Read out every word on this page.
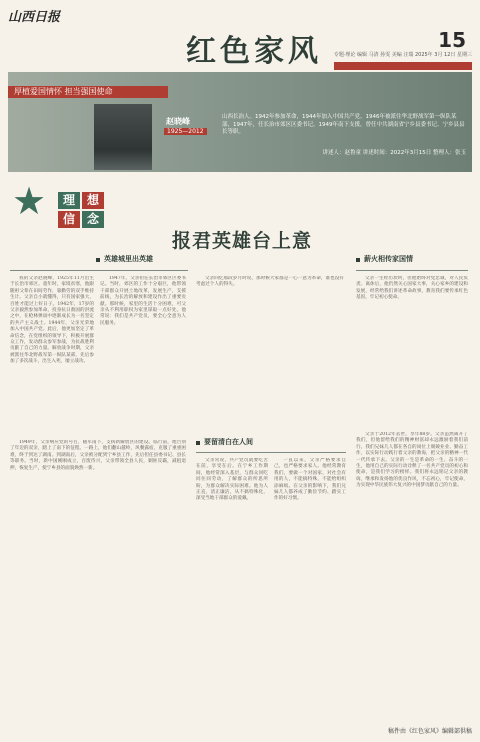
山西日报
红色家风	15
专题·理论 编辑 马清 孙雯 美编 汪瑞 2025年 3月 12日 星期三
厚植爱国情怀 担当强国使命
赵晓峰
1925—2012
山西长治人。1942年参加革命，1944年加入中国共产党。1946年被派往华北野战军第一纵队某部，1947年，任长治市郊区区委书记。1949年南下支援，曾任中共湖南省宁乡县委书记、宁乡县县长等职。
讲述人：赵鲁童 讲述时间：2022年3月15日 整理人：张玉
★	理 想
信 念
报君英雄台上意
英雄城里出英雄	薪火相传家国情
要留清白在人间

我的父亲赵晓峰，1925年11月出生于长治市郊区。童年时，家境贫寒，他跟随祖父辈在田间劳作，靠勤劳的双手维持生计。父亲自小就懂得，只有国家强大，百姓才能过上好日子。1942年，17岁的父亲毅然参加革命，投身抗日救国的洪流之中，在枪林弹雨中逐渐成长为一名坚定的共产主义战士。1944年，父亲光荣地加入中国共产党。此后，他更加坚定了革命信念，在党组织的领导下，积极开展群众工作，发动群众参军参战，为抗战胜利贡献了自己的力量。解放战争时期，父亲被派往华北野战军第一纵队某部，先后参加了多次战斗，出生入死，屡立战功。

1947年，父亲担任长治市郊区区委书记。当时，郊区的工作十分艰巨，他带领干部群众开展土地改革，发展生产，支援前线，为长治的解放和建设作出了重要贡献。那时候，家里的生活十分困难，可父亲从不利用职权为家里谋取一点好处。他常说：我们是共产党员，要全心全意为人民服务。

父亲回忆那段岁月时说，那时候大家都是一心一意为革命，谁也没有考虑过个人的得失。

1949年，父亲响应党的号召，随军南下，支援新解放区的建设。临行前，他告别了年迈的双亲，踏上了南下的征程。一路上，他们翻山越岭，风餐露宿，克服了重重困难，终于到达了湖南。到湖南后，父亲被分配到宁乡县工作，先后担任县委书记、县长等职务。当时，新中国刚刚成立，百废待兴，父亲带领全县人民，剿匪反霸，减租退押，恢复生产，使宁乡县的面貌焕然一新。

父亲常说，共产党员就要吃苦在前，享受在后。在宁乡工作期间，他经常深入基层，与群众同吃同住同劳动，了解群众的所思所盼，为群众解决实际困难。他为人正直，清正廉洁，从不搞特殊化，深受当地干部群众的爱戴。

一直以来，父亲严格要求自己，也严格要求家人。他经常教育我们，要做一个对国家、对社会有用的人，不能搞特殊，不能给组织添麻烦。在父亲的影响下，我们兄妹几人都养成了勤俭节约、踏实工作的好习惯。

父亲一生经历坎坷，但他始终对党忠诚，对人民负责。离休后，他仍然关心国家大事，关心家乡的建设和发展，经常给我们讲述革命故事，教育我们要传承红色基因，牢记初心使命。

父亲于2012年去世，享年88岁。父亲虽然离开了我们，但他留给我们的精神财富却永远激励着我们前行。我们兄妹几人都在各自的岗位上兢兢业业、勤奋工作，以实际行动践行着父亲的教诲，把父亲的精神一代一代传承下去。父亲的一生是革命的一生、奋斗的一生，他用自己的实际行动诠释了一名共产党员的初心和使命，是我们学习的榜样。我们将永远铭记父亲的教诲，继承和发扬他的优良作风，不忘初心，牢记使命，为实现中华民族伟大复兴的中国梦贡献自己的力量。

稿件由《红色家风》编辑部供稿
